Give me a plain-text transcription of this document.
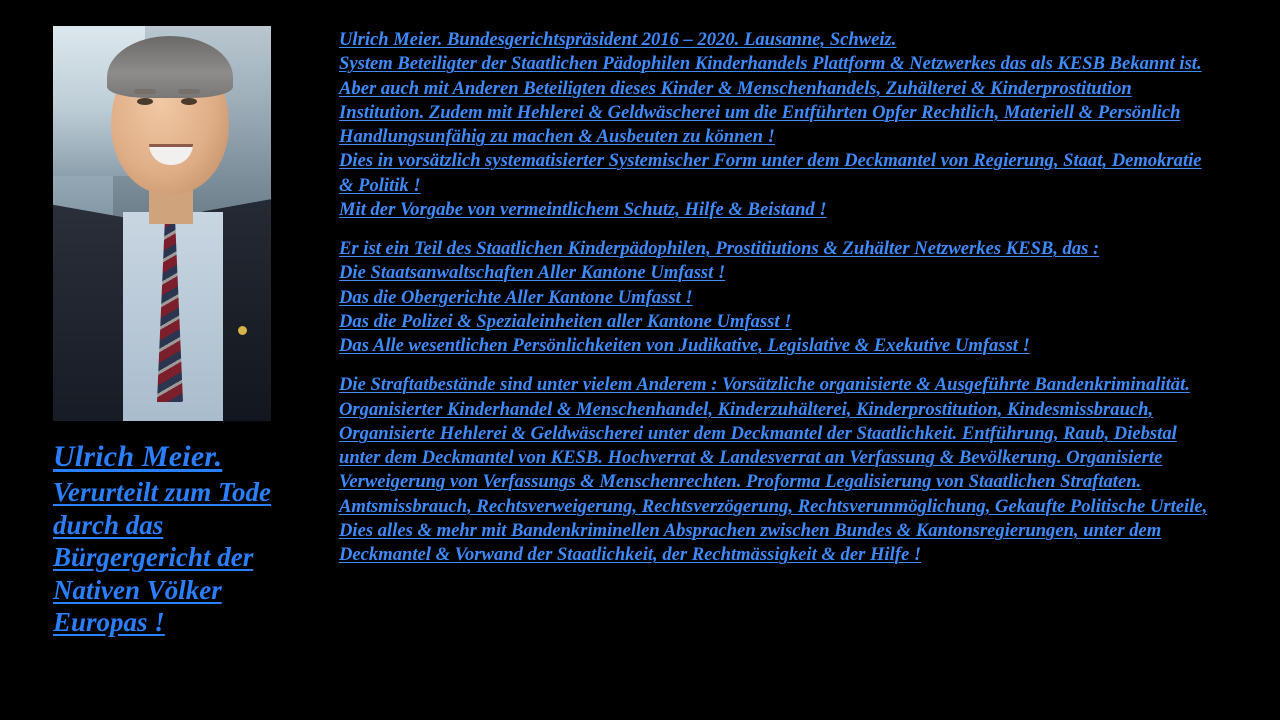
Ulrich Meier.
Verurteilt zum Tode durch das Bürgergericht der Nativen Völker Europas !

Ulrich Meier. Bundesgerichtspräsident 2016 – 2020. Lausanne, Schweiz.

System Beteiligter der Staatlichen Pädophilen Kinderhandels Plattform & Netzwerkes das als KESB Bekannt ist. Aber auch mit Anderen Beteiligten dieses Kinder & Menschenhandels, Zuhälterei & Kinderprostitution Institution. Zudem mit Hehlerei & Geldwäscherei um die Entführten Opfer Rechtlich, Materiell & Persönlich Handlungsunfähig zu machen & Ausbeuten zu können !

Dies in vorsätzlich systematisierter Systemischer Form unter dem Deckmantel von Regierung, Staat, Demokratie & Politik !

Mit der Vorgabe von vermeintlichem Schutz, Hilfe & Beistand !

Er ist ein Teil des Staatlichen Kinderpädophilen, Prostitiutions & Zuhälter Netzwerkes KESB, das :

Die Staatsanwaltschaften Aller Kantone Umfasst !

Das die Obergerichte Aller Kantone Umfasst !

Das die Polizei & Spezialeinheiten aller Kantone Umfasst !

Das Alle wesentlichen Persönlichkeiten von Judikative, Legislative & Exekutive Umfasst !

Die Straftatbestände sind unter vielem Anderem : Vorsätzliche organisierte & Ausgeführte Bandenkriminalität. Organisierter Kinderhandel & Menschenhandel, Kinderzuhälterei, Kinderprostitution, Kindesmissbrauch, Organisierte Hehlerei & Geldwäscherei unter dem Deckmantel der Staatlichkeit. Entführung, Raub, Diebstal unter dem Deckmantel von KESB. Hochverrat & Landesverrat an Verfassung & Bevölkerung. Organisierte Verweigerung von Verfassungs & Menschenrechten. Proforma Legalisierung von Staatlichen Straftaten. Amtsmissbrauch, Rechtsverweigerung, Rechtsverzögerung, Rechtsverunmöglichung, Gekaufte Politische Urteile, Dies alles & mehr mit Bandenkriminellen Absprachen zwischen Bundes & Kantonsregierungen, unter dem Deckmantel & Vorwand der Staatlichkeit, der Rechtmässigkeit & der Hilfe !
